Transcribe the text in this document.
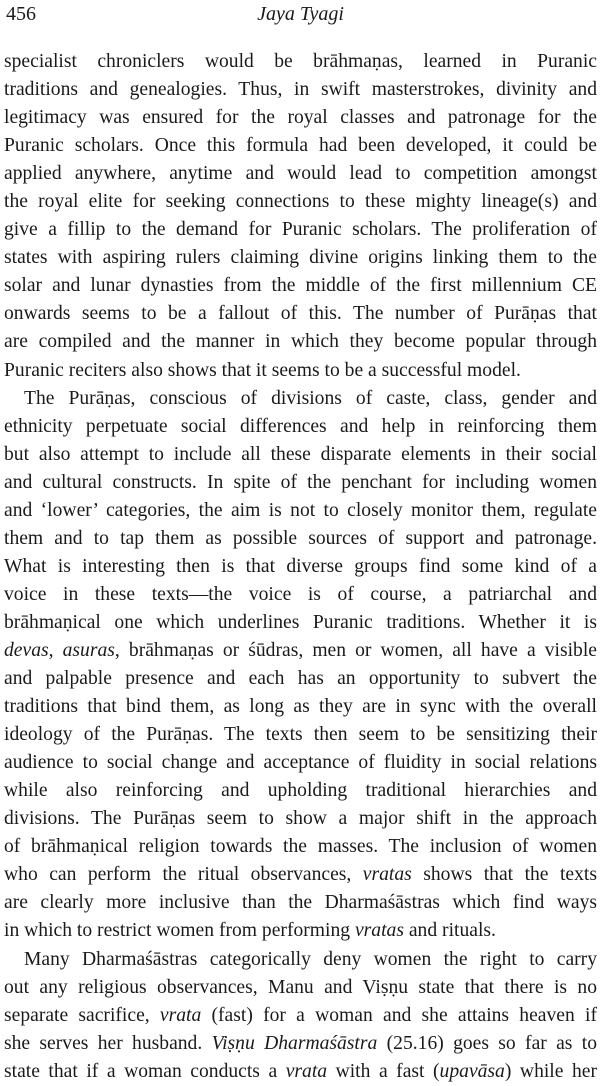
456	Jaya Tyagi

specialist chroniclers would be brāhmaṇas, learned in Puranic
traditions and genealogies. Thus, in swift masterstrokes, divinity and
legitimacy was ensured for the royal classes and patronage for the
Puranic scholars. Once this formula had been developed, it could be
applied anywhere, anytime and would lead to competition amongst
the royal elite for seeking connections to these mighty lineage(s) and
give a fillip to the demand for Puranic scholars. The proliferation of
states with aspiring rulers claiming divine origins linking them to the
solar and lunar dynasties from the middle of the first millennium CE
onwards seems to be a fallout of this. The number of Purāṇas that
are compiled and the manner in which they become popular through
Puranic reciters also shows that it seems to be a successful model.

The Purāṇas, conscious of divisions of caste, class, gender and
ethnicity perpetuate social differences and help in reinforcing them
but also attempt to include all these disparate elements in their social
and cultural constructs. In spite of the penchant for including women
and ‘lower’ categories, the aim is not to closely monitor them, regulate
them and to tap them as possible sources of support and patronage.
What is interesting then is that diverse groups find some kind of a
voice in these texts—the voice is of course, a patriarchal and
brāhmaṇical one which underlines Puranic traditions. Whether it is
devas, asuras, brāhmaṇas or śūdras, men or women, all have a visible
and palpable presence and each has an opportunity to subvert the
traditions that bind them, as long as they are in sync with the overall
ideology of the Purāṇas. The texts then seem to be sensitizing their
audience to social change and acceptance of fluidity in social relations
while also reinforcing and upholding traditional hierarchies and
divisions. The Purāṇas seem to show a major shift in the approach
of brāhmaṇical religion towards the masses. The inclusion of women
who can perform the ritual observances, vratas shows that the texts
are clearly more inclusive than the Dharmaśāstras which find ways
in which to restrict women from performing vratas and rituals.

Many Dharmaśāstras categorically deny women the right to carry
out any religious observances, Manu and Viṣṇu state that there is no
separate sacrifice, vrata (fast) for a woman and she attains heaven if
she serves her husband. Viṣṇu Dharmaśāstra (25.16) goes so far as to
state that if a woman conducts a vrata with a fast (upavāsa) while her
